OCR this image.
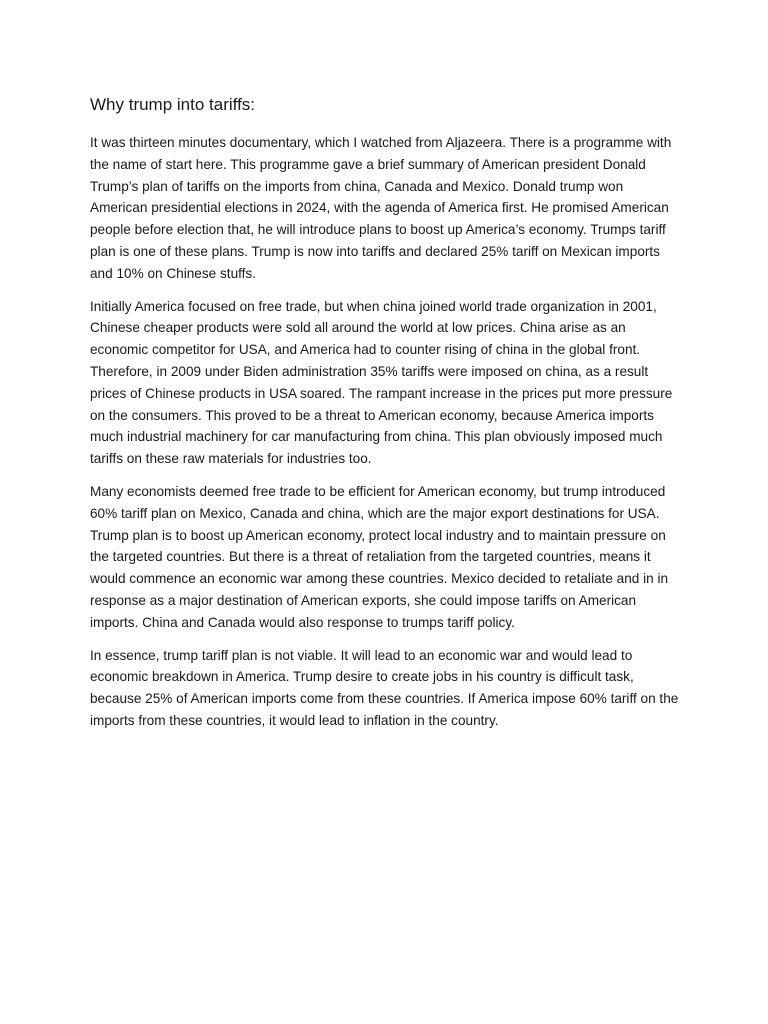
Why trump into tariffs:

It was thirteen minutes documentary, which I watched from Aljazeera. There is a programme with the name of start here. This programme gave a brief summary of American president Donald Trump’s plan of tariffs on the imports from china, Canada and Mexico. Donald trump won American presidential elections in 2024, with the agenda of America first. He promised American people before election that, he will introduce plans to boost up America’s economy. Trumps tariff plan is one of these plans. Trump is now into tariffs and declared 25% tariff on Mexican imports and 10% on Chinese stuffs.

Initially America focused on free trade, but when china joined world trade organization in 2001, Chinese cheaper products were sold all around the world at low prices. China arise as an economic competitor for USA, and America had to counter rising of china in the global front. Therefore, in 2009 under Biden administration 35% tariffs were imposed on china, as a result prices of Chinese products in USA soared. The rampant increase in the prices put more pressure on the consumers. This proved to be a threat to American economy, because America imports much industrial machinery for car manufacturing from china. This plan obviously imposed much tariffs on these raw materials for industries too.

Many economists deemed free trade to be efficient for American economy, but trump introduced 60% tariff plan on Mexico, Canada and china, which are the major export destinations for USA. Trump plan is to boost up American economy, protect local industry and to maintain pressure on the targeted countries. But there is a threat of retaliation from the targeted countries, means it would commence an economic war among these countries. Mexico decided to retaliate and in in response as a major destination of American exports, she could impose tariffs on American imports. China and Canada would also response to trumps tariff policy.

In essence, trump tariff plan is not viable. It will lead to an economic war and would lead to economic breakdown in America. Trump desire to create jobs in his country is difficult task, because 25% of American imports come from these countries. If America impose 60% tariff on the imports from these countries, it would lead to inflation in the country.
